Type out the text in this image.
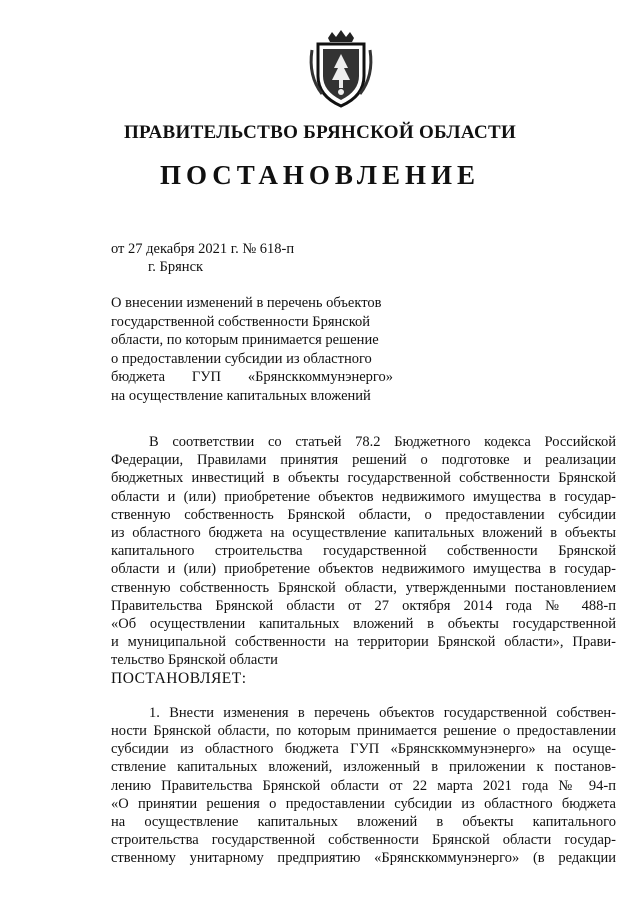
ПРАВИТЕЛЬСТВО БРЯНСКОЙ ОБЛАСТИ
ПОСТАНОВЛЕНИЕ
от 27 декабря 2021 г. № 618-п
г. Брянск
О внесении изменений в перечень объектов
государственной собственности Брянской
области, по которым принимается решение
о предоставлении субсидии из областного
бюджета ГУП «Брянсккоммунэнерго»
на осуществление капитальных вложений
В соответствии со статьей 78.2 Бюджетного кодекса Российской
Федерации, Правилами принятия решений о подготовке и реализации
бюджетных инвестиций в объекты государственной собственности Брянской
области и (или) приобретение объектов недвижимого имущества в государ-
ственную собственность Брянской области, о предоставлении субсидии
из областного бюджета на осуществление капитальных вложений в объекты
капитального строительства государственной собственности Брянской
области и (или) приобретение объектов недвижимого имущества в государ-
ственную собственность Брянской области, утвержденными постановлением
Правительства Брянской области от 27 октября 2014 года № 488-п
«Об осуществлении капитальных вложений в объекты государственной
и муниципальной собственности на территории Брянской области», Прави-
тельство Брянской области
ПОСТАНОВЛЯЕТ:
1. Внести изменения в перечень объектов государственной собствен-
ности Брянской области, по которым принимается решение о предоставлении
субсидии из областного бюджета ГУП «Брянсккоммунэнерго» на осуще-
ствление капитальных вложений, изложенный в приложении к постанов-
лению Правительства Брянской области от 22 марта 2021 года № 94-п
«О принятии решения о предоставлении субсидии из областного бюджета
на осуществление капитальных вложений в объекты капитального
строительства государственной собственности Брянской области государ-
ственному унитарному предприятию «Брянсккоммунэнерго» (в редакции
